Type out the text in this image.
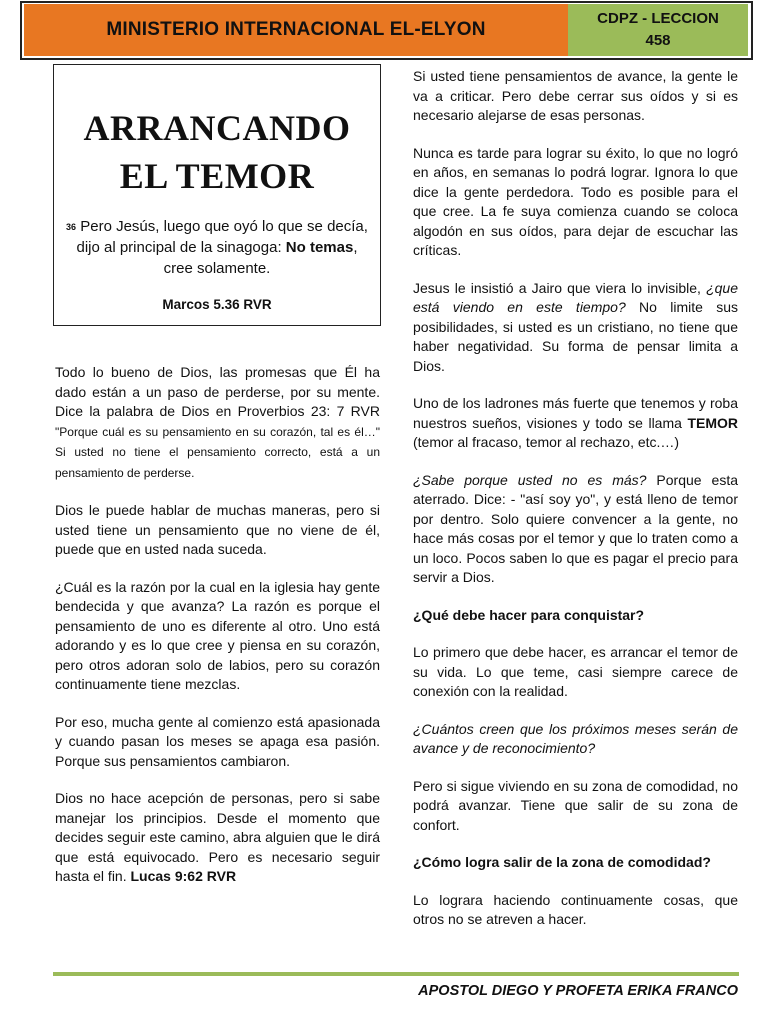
MINISTERIO INTERNACIONAL EL-ELYON
CDPZ - LECCION
458
ARRANCANDO
EL TEMOR

$^{36}$ Pero Jesús, luego que oyó lo que se decía, dijo al principal de la sinagoga: No temas, cree solamente.
Marcos 5.36 RVR

Todo lo bueno de Dios, las promesas que Él ha dado están a un paso de perderse, por su mente. Dice la palabra de Dios en Proverbios 23: 7 RVR "Porque cuál es su pensamiento en su corazón, tal es él…" Si usted no tiene el pensamiento correcto, está a un pensamiento de perderse.

Dios le puede hablar de muchas maneras, pero si usted tiene un pensamiento que no viene de él, puede que en usted nada suceda.

¿Cuál es la razón por la cual en la iglesia hay gente bendecida y que avanza? La razón es porque el pensamiento de uno es diferente al otro. Uno está adorando y es lo que cree y piensa en su corazón, pero otros adoran solo de labios, pero su corazón continuamente tiene mezclas.

Por eso, mucha gente al comienzo está apasionada y cuando pasan los meses se apaga esa pasión. Porque sus pensamientos cambiaron.

Dios no hace acepción de personas, pero si sabe manejar los principios. Desde el momento que decides seguir este camino, abra alguien que le dirá que está equivocado. Pero es necesario seguir hasta el fin. Lucas 9:62 RVR

Si usted tiene pensamientos de avance, la gente le va a criticar. Pero debe cerrar sus oídos y si es necesario alejarse de esas personas.

Nunca es tarde para lograr su éxito, lo que no logró en años, en semanas lo podrá lograr. Ignora lo que dice la gente perdedora. Todo es posible para el que cree. La fe suya comienza cuando se coloca algodón en sus oídos, para dejar de escuchar las críticas.

Jesus le insistió a Jairo que viera lo invisible, ¿que está viendo en este tiempo? No limite sus posibilidades, si usted es un cristiano, no tiene que haber negatividad. Su forma de pensar limita a Dios.

Uno de los ladrones más fuerte que tenemos y roba nuestros sueños, visiones y todo se llama TEMOR (temor al fracaso, temor al rechazo, etc.…)

¿Sabe porque usted no es más? Porque esta aterrado. Dice: - "así soy yo", y está lleno de temor por dentro. Solo quiere convencer a la gente, no hace más cosas por el temor y que lo traten como a un loco. Pocos saben lo que es pagar el precio para servir a Dios.

¿Qué debe hacer para conquistar?

Lo primero que debe hacer, es arrancar el temor de su vida. Lo que teme, casi siempre carece de conexión con la realidad.

¿Cuántos creen que los próximos meses serán de avance y de reconocimiento?

Pero si sigue viviendo en su zona de comodidad, no podrá avanzar. Tiene que salir de su zona de confort.

¿Cómo logra salir de la zona de comodidad?

Lo lograra haciendo continuamente cosas, que otros no se atreven a hacer.

APOSTOL DIEGO Y PROFETA ERIKA FRANCO
